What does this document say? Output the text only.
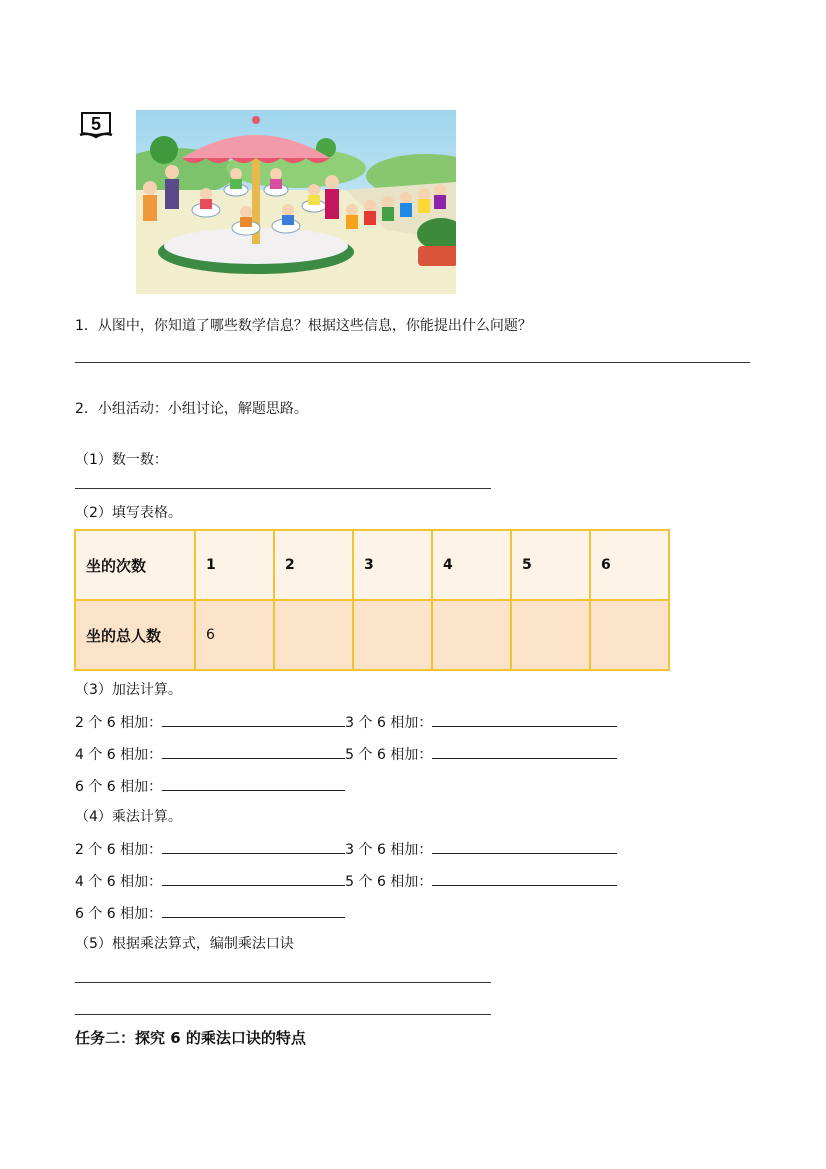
5
1．从图中，你知道了哪些数学信息？根据这些信息，你能提出什么问题？
2．小组活动：小组讨论，解题思路。
（1）数一数：
（2）填写表格。
坐的次数	1	2	3	4	5	6
坐的总人数	6					
（3）加法计算。
2 个 6 相加：	3 个 6 相加：
4 个 6 相加：	5 个 6 相加：
6 个 6 相加：
（4）乘法计算。
2 个 6 相加：	3 个 6 相加：
4 个 6 相加：	5 个 6 相加：
6 个 6 相加：
（5）根据乘法算式，编制乘法口诀
任务二：探究 6 的乘法口诀的特点
